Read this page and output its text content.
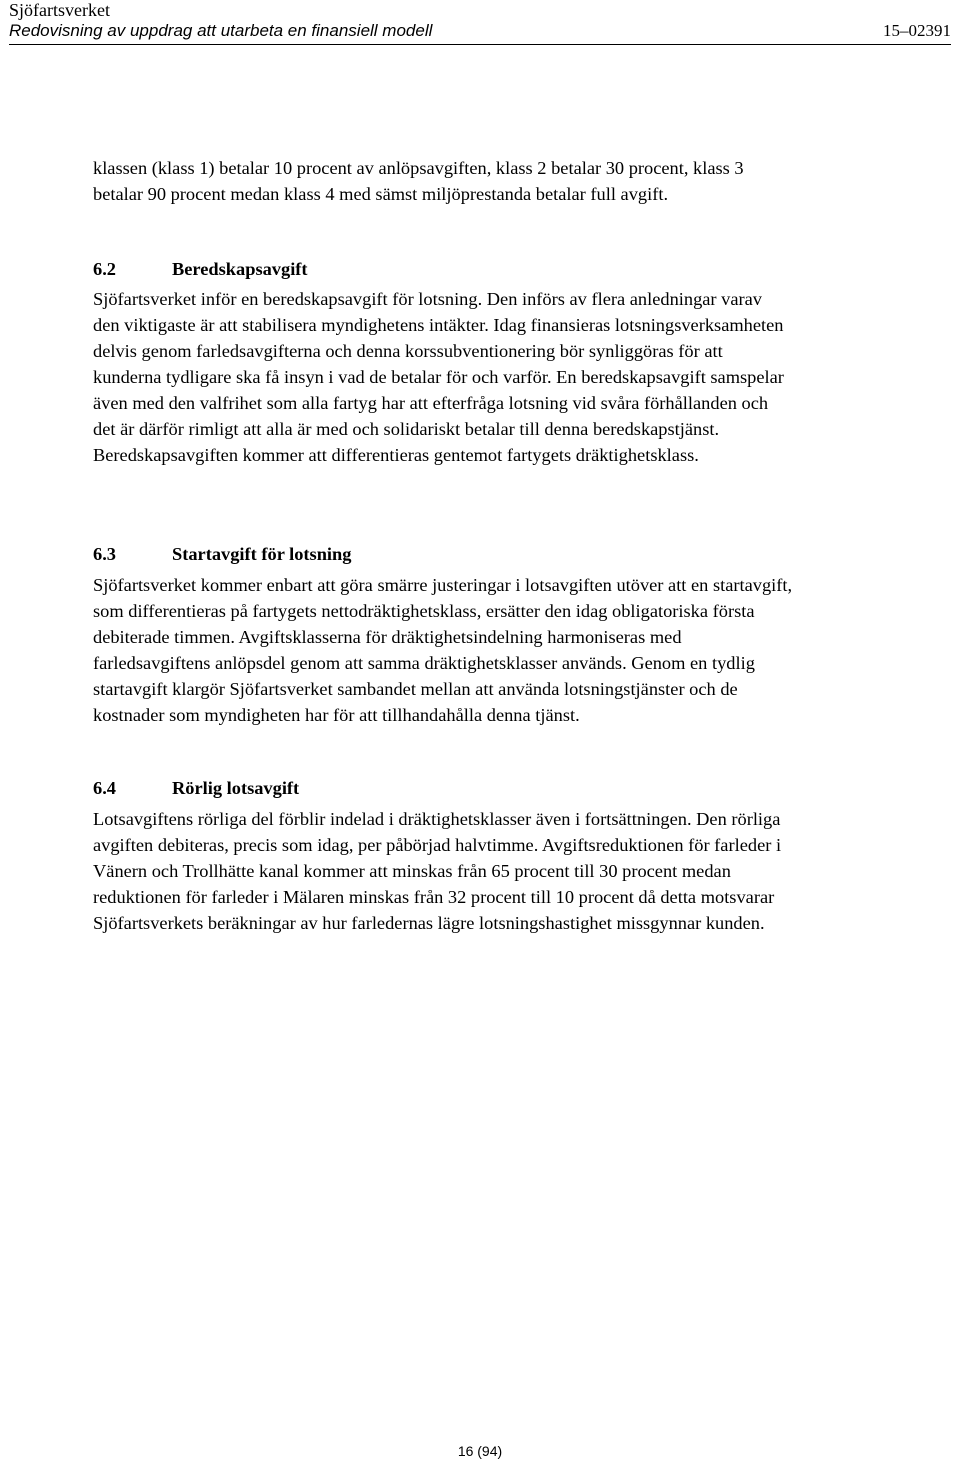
Sjöfartsverket
Redovisning av uppdrag att utarbeta en finansiell modell	15–02391

klassen (klass 1) betalar 10 procent av anlöpsavgiften, klass 2 betalar 30 procent, klass 3 betalar 90 procent medan klass 4 med sämst miljöprestanda betalar full avgift.

6.2	Beredskapsavgift

Sjöfartsverket inför en beredskapsavgift för lotsning. Den införs av flera anledningar varav den viktigaste är att stabilisera myndighetens intäkter. Idag finansieras lotsningsverksamheten delvis genom farledsavgifterna och denna korssubventionering bör synliggöras för att kunderna tydligare ska få insyn i vad de betalar för och varför. En beredskapsavgift samspelar även med den valfrihet som alla fartyg har att efterfråga lotsning vid svåra förhållanden och det är därför rimligt att alla är med och solidariskt betalar till denna beredskapstjänst. Beredskapsavgiften kommer att differentieras gentemot fartygets dräktighetsklass.

6.3	Startavgift för lotsning

Sjöfartsverket kommer enbart att göra smärre justeringar i lotsavgiften utöver att en startavgift, som differentieras på fartygets nettodräktighetsklass, ersätter den idag obligatoriska första debiterade timmen. Avgiftsklasserna för dräktighetsindelning harmoniseras med farledsavgiftens anlöpsdel genom att samma dräktighetsklasser används. Genom en tydlig startavgift klargör Sjöfartsverket sambandet mellan att använda lotsningstjänster och de kostnader som myndigheten har för att tillhandahålla denna tjänst.

6.4	Rörlig lotsavgift

Lotsavgiftens rörliga del förblir indelad i dräktighetsklasser även i fortsättningen. Den rörliga avgiften debiteras, precis som idag, per påbörjad halvtimme. Avgiftsreduktionen för farleder i Vänern och Trollhätte kanal kommer att minskas från 65 procent till 30 procent medan reduktionen för farleder i Mälaren minskas från 32 procent till 10 procent då detta motsvarar Sjöfartsverkets beräkningar av hur farledernas lägre lotsningshastighet missgynnar kunden.

16 (94)
